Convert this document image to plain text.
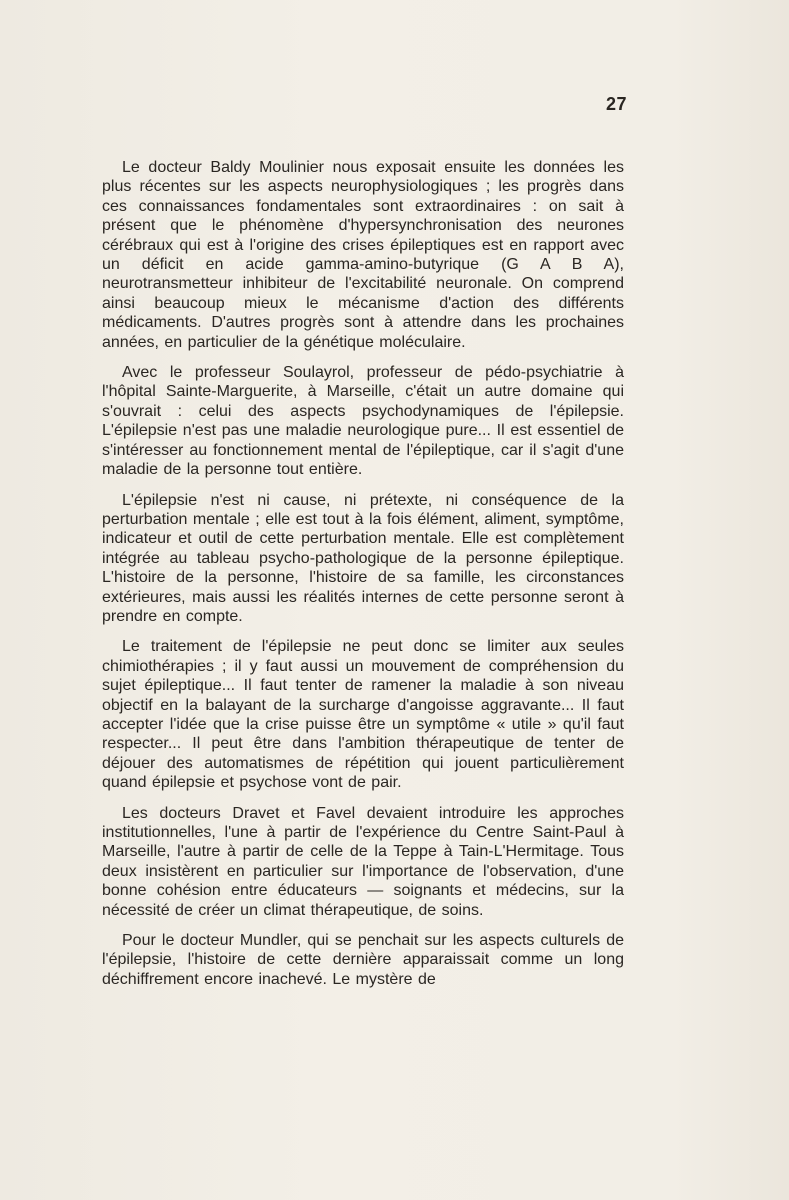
27

Le docteur Baldy Moulinier nous exposait ensuite les données les plus récentes sur les aspects neurophysiologiques ; les progrès dans ces connaissances fondamentales sont extraordinaires : on sait à présent que le phénomène d'hypersynchronisation des neurones cérébraux qui est à l'origine des crises épileptiques est en rapport avec un déficit en acide gamma-amino-butyrique (G A B A), neurotransmetteur inhibiteur de l'excitabilité neuronale. On comprend ainsi beaucoup mieux le mécanisme d'action des différents médicaments. D'autres progrès sont à attendre dans les prochaines années, en particulier de la génétique moléculaire.

Avec le professeur Soulayrol, professeur de pédo-psychiatrie à l'hôpital Sainte-Marguerite, à Marseille, c'était un autre domaine qui s'ouvrait : celui des aspects psychodynamiques de l'épilepsie. L'épilepsie n'est pas une maladie neurologique pure... Il est essentiel de s'intéresser au fonctionnement mental de l'épileptique, car il s'agit d'une maladie de la personne tout entière.

L'épilepsie n'est ni cause, ni prétexte, ni conséquence de la perturbation mentale ; elle est tout à la fois élément, aliment, symptôme, indicateur et outil de cette perturbation mentale. Elle est complètement intégrée au tableau psycho-pathologique de la personne épileptique. L'histoire de la personne, l'histoire de sa famille, les circonstances extérieures, mais aussi les réalités internes de cette personne seront à prendre en compte.

Le traitement de l'épilepsie ne peut donc se limiter aux seules chimiothérapies ; il y faut aussi un mouvement de compréhension du sujet épileptique... Il faut tenter de ramener la maladie à son niveau objectif en la balayant de la surcharge d'angoisse aggravante... Il faut accepter l'idée que la crise puisse être un symptôme « utile » qu'il faut respecter... Il peut être dans l'ambition thérapeutique de tenter de déjouer des automatismes de répétition qui jouent particulièrement quand épilepsie et psychose vont de pair.

Les docteurs Dravet et Favel devaient introduire les approches institutionnelles, l'une à partir de l'expérience du Centre Saint-Paul à Marseille, l'autre à partir de celle de la Teppe à Tain-L'Hermitage. Tous deux insistèrent en particulier sur l'importance de l'observation, d'une bonne cohésion entre éducateurs — soignants et médecins, sur la nécessité de créer un climat thérapeutique, de soins.

Pour le docteur Mundler, qui se penchait sur les aspects culturels de l'épilepsie, l'histoire de cette dernière apparaissait comme un long déchiffrement encore inachevé. Le mystère de
